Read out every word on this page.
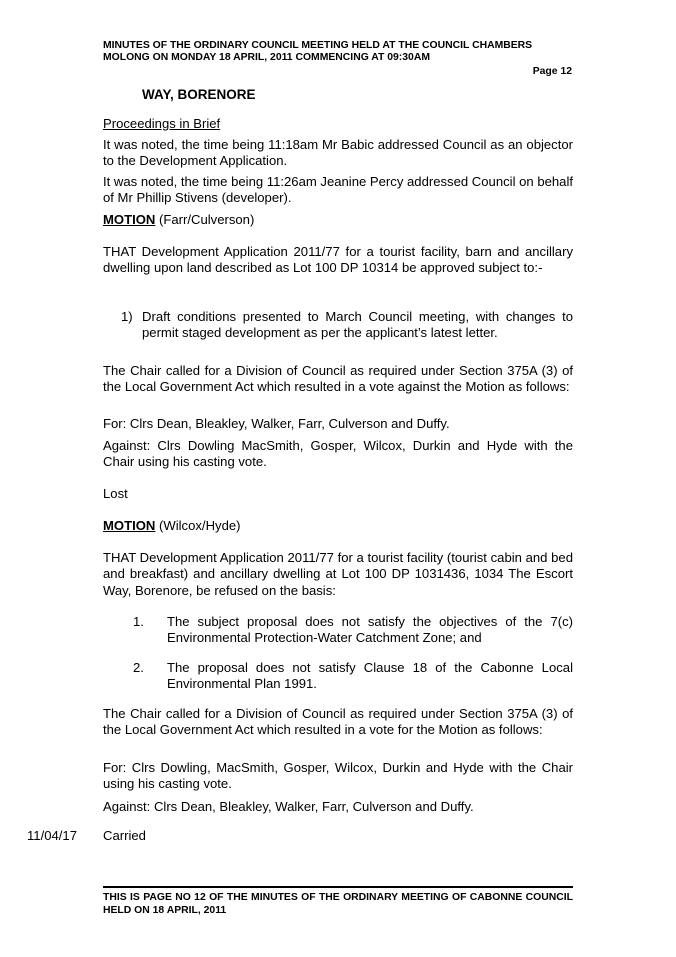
MINUTES OF THE ORDINARY COUNCIL MEETING HELD AT THE COUNCIL CHAMBERS
MOLONG ON MONDAY 18 APRIL, 2011 COMMENCING AT 09:30AM
Page 12
WAY, BORENORE
Proceedings in Brief
It was noted, the time being 11:18am Mr Babic addressed Council as an objector to the Development Application.
It was noted, the time being 11:26am Jeanine Percy addressed Council on behalf of Mr Phillip Stivens (developer).
MOTION (Farr/Culverson)
THAT Development Application 2011/77 for a tourist facility, barn and ancillary dwelling upon land described as Lot 100 DP 10314 be approved subject to:-
1) Draft conditions presented to March Council meeting, with changes to permit staged development as per the applicant’s latest letter.
The Chair called for a Division of Council as required under Section 375A (3) of the Local Government Act which resulted in a vote against the Motion as follows:
For: Clrs Dean, Bleakley, Walker, Farr, Culverson and Duffy.
Against: Clrs Dowling MacSmith, Gosper, Wilcox, Durkin and Hyde with the Chair using his casting vote.
Lost
MOTION (Wilcox/Hyde)
THAT Development Application 2011/77 for a tourist facility (tourist cabin and bed and breakfast) and ancillary dwelling at Lot 100 DP 1031436, 1034 The Escort Way, Borenore, be refused on the basis:
1. The subject proposal does not satisfy the objectives of the 7(c) Environmental Protection-Water Catchment Zone; and
2. The proposal does not satisfy Clause 18 of the Cabonne Local Environmental Plan 1991.
The Chair called for a Division of Council as required under Section 375A (3) of the Local Government Act which resulted in a vote for the Motion as follows:
For: Clrs Dowling, MacSmith, Gosper, Wilcox, Durkin and Hyde with the Chair using his casting vote.
Against: Clrs Dean, Bleakley, Walker, Farr, Culverson and Duffy.
11/04/17 Carried
THIS IS PAGE NO 12 OF THE MINUTES OF THE ORDINARY MEETING OF CABONNE COUNCIL HELD ON 18 APRIL, 2011
